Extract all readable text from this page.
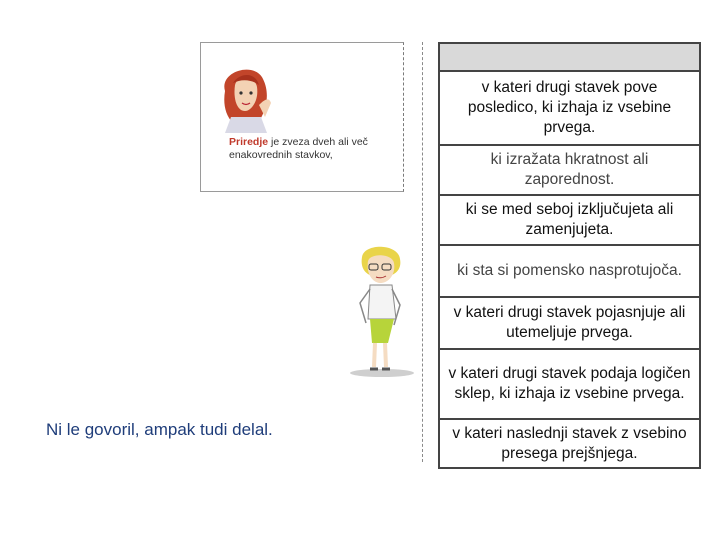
Priredje je zveza dveh ali več
enakovrednih stavkov,
Ni le govoril, ampak tudi delal.
v kateri drugi stavek pove posledico, ki izhaja iz vsebine prvega.
ki izražata hkratnost ali zaporednost.
ki se med seboj izključujeta ali zamenjujeta.
ki sta si pomensko nasprotujoča.
v kateri drugi stavek pojasnjuje ali utemeljuje prvega.
v kateri drugi stavek podaja logičen sklep, ki izhaja iz vsebine prvega.
v kateri naslednji stavek z vsebino presega prejšnjega.
